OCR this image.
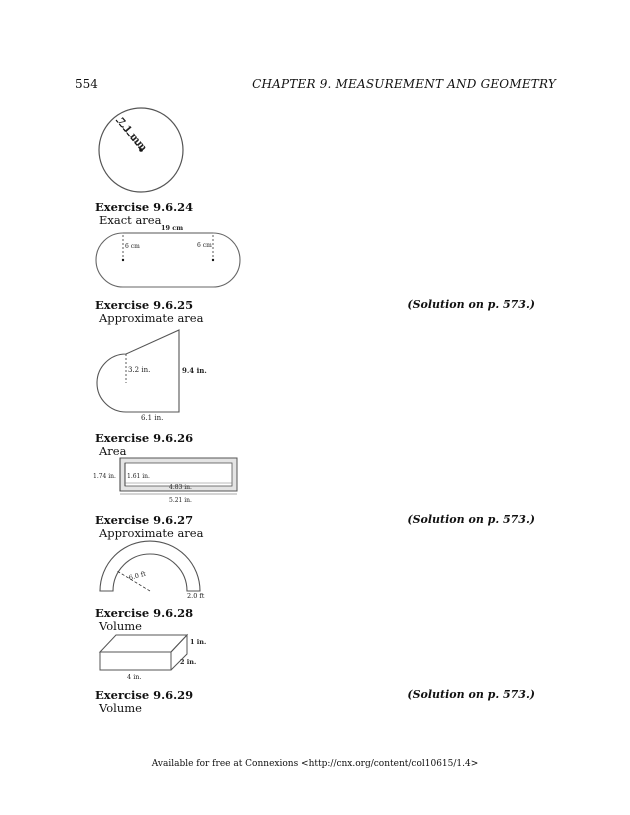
554	CHAPTER 9. MEASUREMENT AND GEOMETRY
7.1 mm
Exercise 9.6.24
Exact area
19 cm
6 cm	6 cm
Exercise 9.6.25	(Solution on p. 573.)
Approximate area
3.2 in.	9.4 in.
6.1 in.
Exercise 9.6.26
Area
1.74 in. 1.61 in.
4.83 in.
5.21 in.
Exercise 9.6.27	(Solution on p. 573.)
Approximate area
6.0 ft
2.0 ft
Exercise 9.6.28
Volume
1 in.
2 in.
4 in.
Exercise 9.6.29	(Solution on p. 573.)
Volume
Available for free at Connexions <http://cnx.org/content/col10615/1.4>
